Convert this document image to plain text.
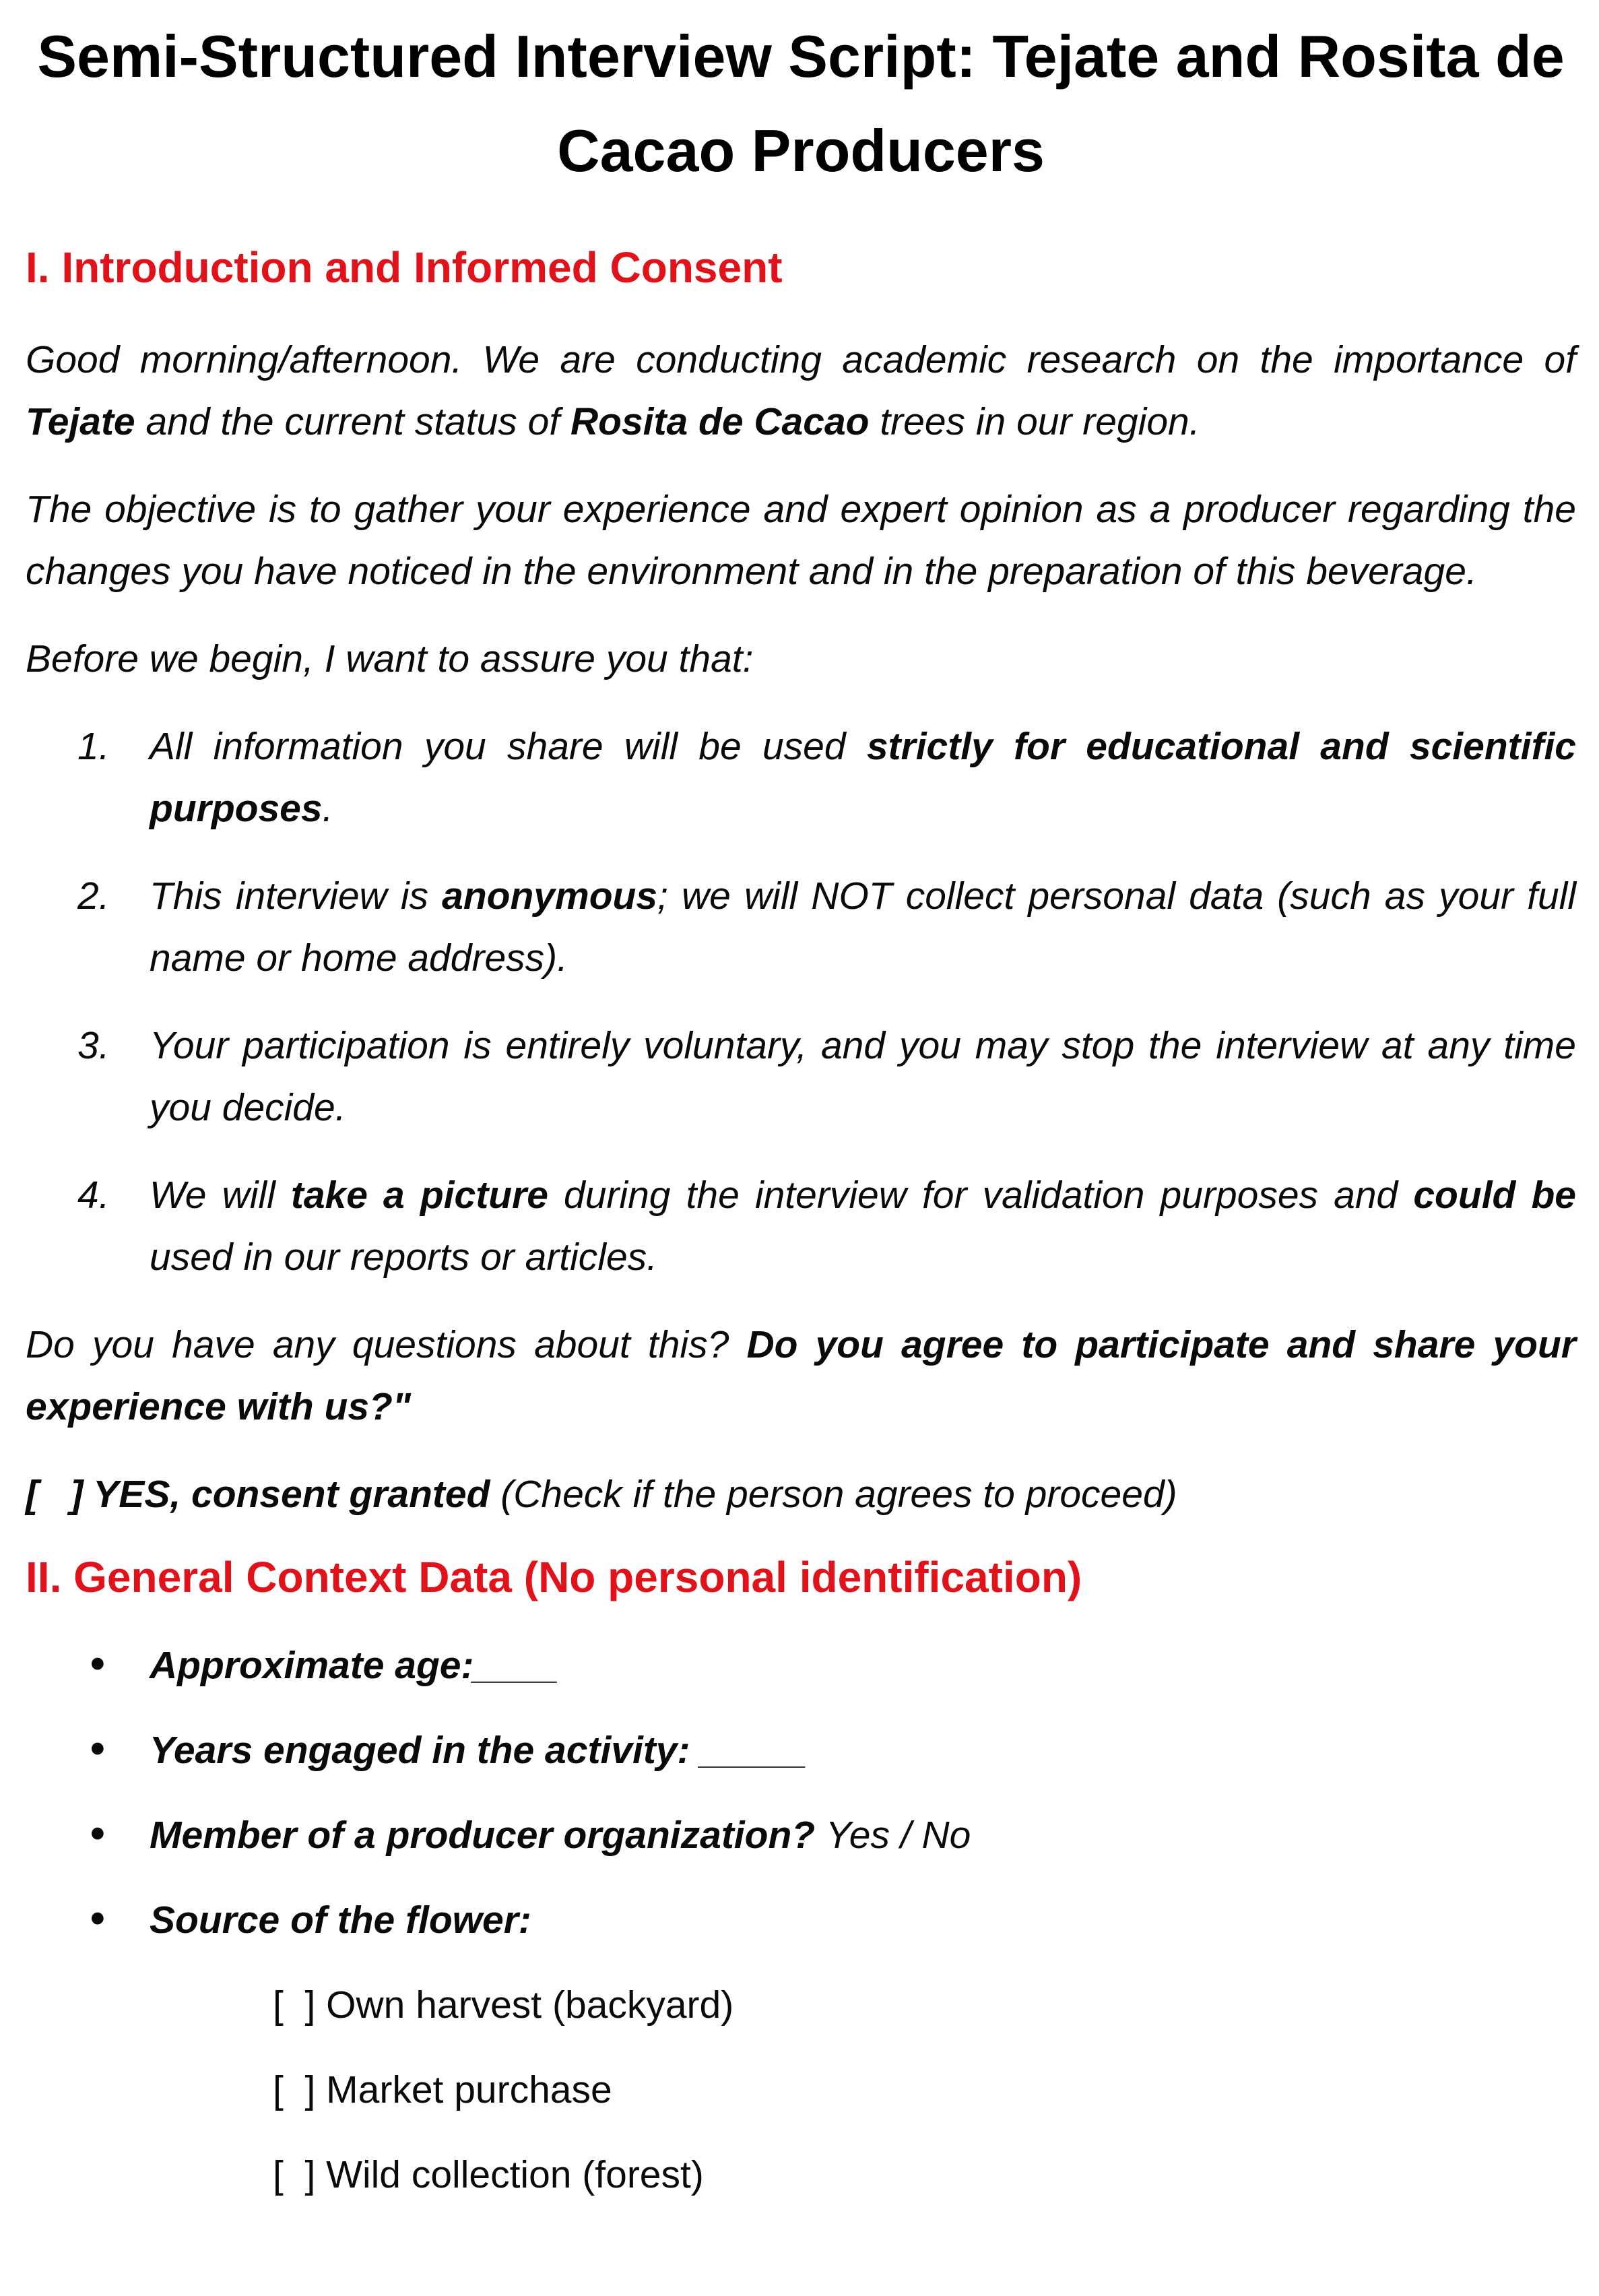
Semi-Structured Interview Script: Tejate and Rosita de Cacao Producers
I. Introduction and Informed Consent

Good morning/afternoon. We are conducting academic research on the importance of Tejate and the current status of Rosita de Cacao trees in our region.

The objective is to gather your experience and expert opinion as a producer regarding the changes you have noticed in the environment and in the preparation of this beverage.

Before we begin, I want to assure you that:

1. All information you share will be used strictly for educational and scientific purposes.
2. This interview is anonymous; we will NOT collect personal data (such as your full name or home address).
3. Your participation is entirely voluntary, and you may stop the interview at any time you decide.
4. We will take a picture during the interview for validation purposes and could be used in our reports or articles.

Do you have any questions about this? Do you agree to participate and share your experience with us?"

[   ] YES, consent granted (Check if the person agrees to proceed)

II. General Context Data (No personal identification)
• Approximate age:____
• Years engaged in the activity: _____
• Member of a producer organization? Yes / No
• Source of the flower:
[  ] Own harvest (backyard)
[  ] Market purchase
[  ] Wild collection (forest)
